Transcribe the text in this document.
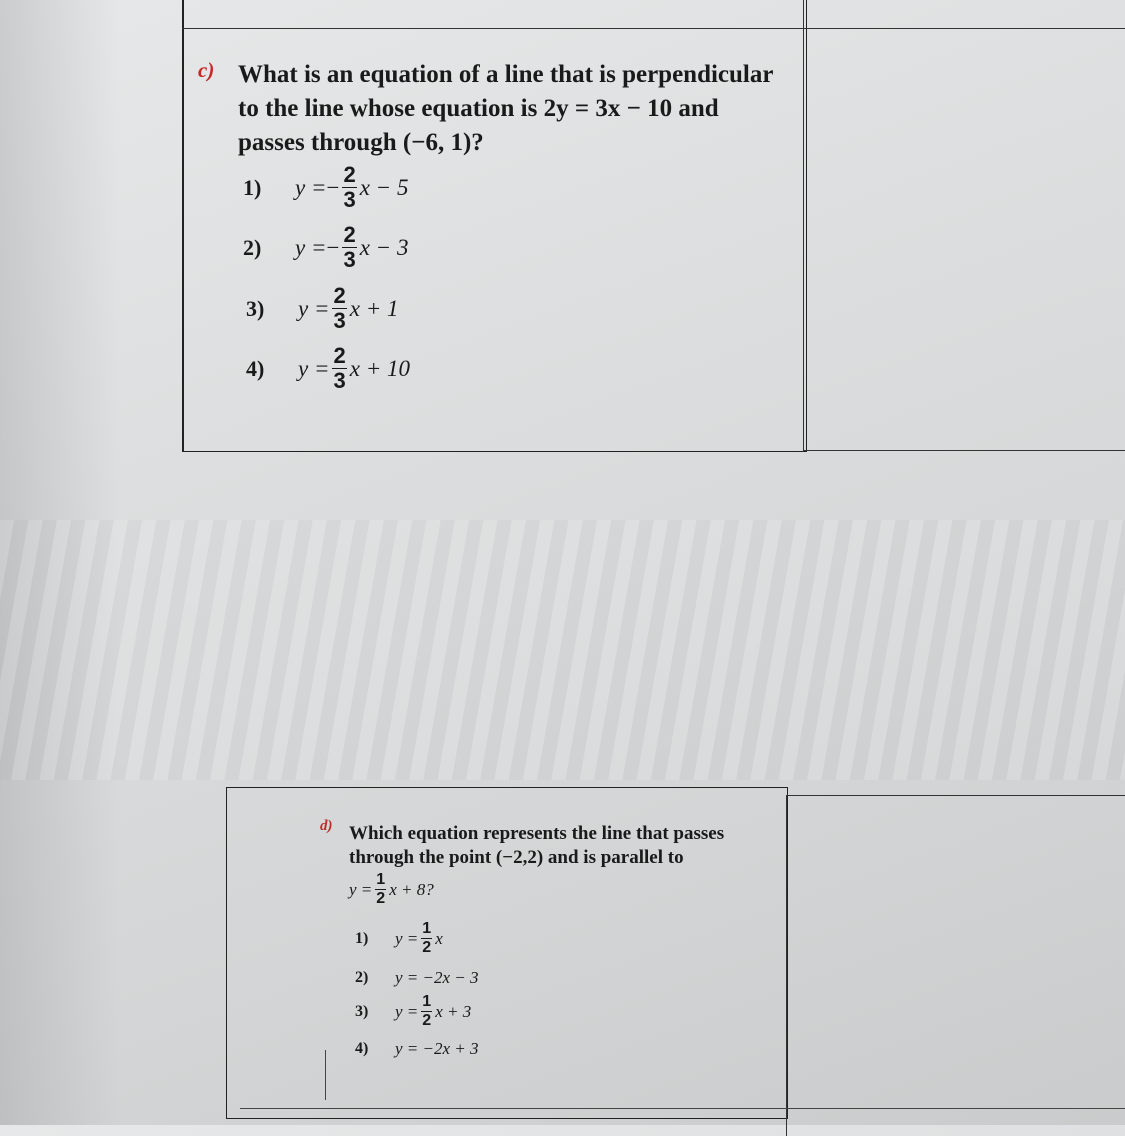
c) What is an equation of a line that is perpendicular
to the line whose equation is 2y = 3x − 10 and
passes through (−6, 1)?
1)	y = − $\frac{2}{3}$ x − 5
2)	y = − $\frac{2}{3}$ x − 3
3)	$y = \frac{2}{3}$ x + 1
4)	$y = \frac{2}{3}$ x + 10
d) Which equation represents the line that passes
through the point (−2,2) and is parallel to
$y = \frac{1}{2}$ x + 8?
1)	$y = \frac{1}{2}$ x
2)	y = −2x − 3
3)	$y = \frac{1}{2}$ x + 3
4)	y = −2x + 3
